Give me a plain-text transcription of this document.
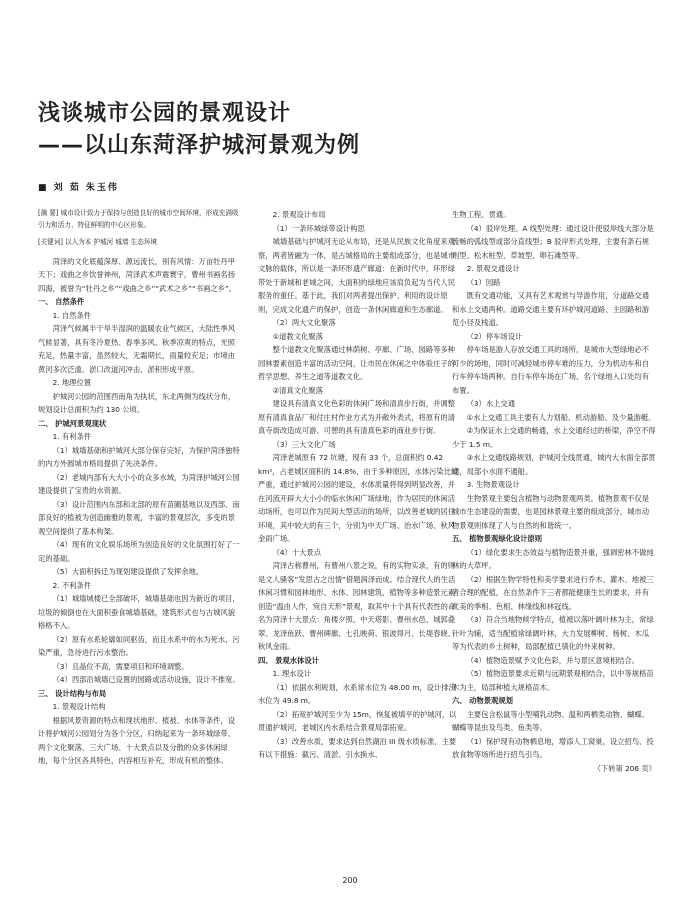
浅谈城市公园的景观设计
——以山东菏泽护城河景观为例
■ 刘 茹 朱玉伟

[摘 要] 城市设计致力于保持与创造良好的城市空间环境，形成充满吸引力和活力、特征鲜明的中心区形象。

[关键词] 以人为本 护城河 城墙 生态环境

菏泽的文化底蕴深厚、源远流长，别有风情：万亩牡丹甲天下；戏曲之乡饮誉神州，菏泽武术声震寰宇，曹州书画名扬四海，被誉为“牡丹之乡”“戏曲之乡”“武术之乡”“书画之乡”。

一、 自然条件

1. 自然条件

菏泽气候属半干旱半湿润的温暖农业气候区，大陆性季风气候显著，具有冬冷夏热、春季多风、秋季凉爽的特点，光照充足，热量丰富，虽然较大，无霜期长，雨量较充足；市境由黄河多次泛滥、淤口改道河冲击、淤积形成平原。

2. 地理位置

护城河公园的范围西南角为执状，东北两侧为线状分布，规划设计总面积为约 130 公顷。

二、 护城河景观现状

1. 有利条件

（1）城墙基础和护城河大部分保存完好，为保护菏泽独特的内方外圆城市格局提供了先决条件。

（2）老城内部有大大小小的众多水域，为菏泽护城河公园建设提供了宝贵的水资源。

（3）设计范围内东部和北部的原有苗圃基地以及西部、南部良好的植被为创造幽雅的景观，丰富的景观层次，多变的景观空间提供了基本构架。

（4）现有的文化娱乐场所为创造良好的文化氛围打好了一定的基础。

（5）大面积拆迁为现划建设提供了发挥余地。

2. 不利条件

（1）城墙城楼已全部破坏，城墙基础也因为新近的项目，垃圾的倾倒也在大面积蚕食城墙基础，建筑形式也与古城风貌格格不入。

（2）原有水系轮廓如同驱齿，而且水系中的水为死水，污染严重，急待进行污水整治。

（3）且晶位不高，需要项目和环境调整。

（4）西部沿城墙已设置的园路或活动设施，设计不推宽。

三、 设计结构与布局

1. 景观设计结构

根据风景资源的特点和现状地形、植被、水体等条件，设计将护城河公园划分为各个分区，归纳起来为一条环城绿带、两个文化聚落、三大广场、十大景点以及分散的众多休闲绿地，每个分区各具特色，内容相互补充，形成有机的整体。

2. 景观设计布局

（1）一条环城绿带设计构思

城墙基础与护城河无论从布局，还是从民族文化角度来观察，两者皆融为一体，是古城格局的主要组成部分，也是城市文脉的载体，所以是一条环形遗产廊道：在新时代中，环形绿带处于新城和老城之间，大面积的绿地应该肩负起为当代人民服务的重任。基于此，我们对两者提出保护、利用的设计原则，完成文化遗产的保护，创造一条休闲廊道和生态廊道。

（2）两大文化聚落

①道教文化聚落

整个道教文化聚落通过林荫树、亭廊、广场、园路等多种园林要素创造丰富的活动空间，让市民在休闲之中体验庄子的哲学思想、养生之道等道教文化。

②清真文化聚落

建设具有清真文化色彩的休闲广场和清真步行街，并调整原有清真食品厂和付庄村作业方式为开敞外表式，将原有的清真寺街改造成可游、可憩的具有清真色彩的商业步行街。

（3）三大文化广场

菏泽老城原有 72 坑塘，现有 33 个，总面积约 0.42 km²，占老城区面积的 14.8%，由于多种原因，水体污染比较严重，通过护城河公园的建设，水体质量将得到明显改善，并在河流开辟大大小小的临水休闲广场绿地，作为居民的休闲活动场所，也可以作为民间大型活动的场所，以改善老城的居住环境，其中较大的有三个，分别为中天广场、治水广场、秋风金雨广场。

（4）十大景点

菏泽古称曹州，有曹州八景之说，有的实物实录，有的则是文人骚客“发思古之出情”借题润泽而成。结合现代人的生活休闲习惯和园林地形、水体、园林建筑、植物等多种造景元素创造“温由人作，宛自天形”景观，取其中十个具有代表性的命名为菏泽十大景点：角楼夕照、中天塔影、曹州水邑、城郭叠翠、龙泽鱼跃、曹州碑廊、七孔映荷、银波得月、长堤春晓、秋风金雨。

四、 景观水体设计

1. 理水设计

（1）依据水利规划，水系常水位为 48.00 m，设计排涝水位为 49.8 m。

（2）拓宽护城河至少为 15m，恢复被填平的护城河，以贯通护城河，老城区内水系结合景观局部拓宽。

（3）改善水质，要求达到自然湖泊 III 级水质标准，主要有以下措施：截污、清淤、引水换水、

生物工程、贯通。

（4）驳岸处理。A 线型处理：通过设计使驳岸线大部分是流畅的弧线型或部分直线型；B 驳岸形式处理，主要有条石规则型、松木桩型、草坡型、卵石滩型等。

2. 景观交通设计

（1）园路

既有交通功能，又具有艺术观赏与导游作用，分道路交通和水上交通两种。道路交通主要有环护城河道路、主园路和游览小径及栈道。

（2）停车场设计

停车场是游人存放交通工具的场所，是城市大型绿地必不可少的场地，同时可减轻城市停车难的压力，分为机动车和自行车停车场两种。自行车停车场在广场、名个绿地入口处均有布置。

（3）水上交通

①水上交通工具主要有人力划船、机动游船、及少量游艇。

②为保证水上交通的畅通，水上交通经过的桥梁，净空不得少于 1.5 m。

③水上交通线路规划，护城河全线贯通，城内大水面全部贯通，局部小水面不通船。

3. 生物景观设计

生物景观主要包含植物与动物景观两类。植物景观不仅是城市生态建设的需要，也是园林景观主要的组成部分，城市动物景观则体现了人与自然的和谐统一。

五、 植物景观绿化设计原则

（1）绿化要求生态效益与植物造景并重，强调密林不做纯林的大草坪。

（2）根据生物学特性和美学要求进行乔木、灌木、地被三者合理的配植，在自然条件下三者都能健康生长的要求，并有优美的季相、色相、林缘线和林冠线。

（3）符合当地物候学特点，植被以落叶阔叶林为主，常绿针叶为辅，适当配植常绿阔叶林，大力发展柳树、杨树、木瓜等为代表的乡土树种，局部配植已驯化的外来树种。

（4）植物造景赋予文化色彩，并与景区意境相结合。

（5）植物造景要求近期与远期景观相结合，以中等规格苗木为主，局部种植大规格苗木。

六、 动物景观规划

主要包含松鼠等小型哺乳动物、温和两栖类动物、蝴蝶、蝴蝶等昆虫及鸟类、鱼类等。

（1）保护现有动物栖息地，增添人工窝巢，设立招鸟、投放食物等场所进行招鸟引鸟。

（下转第 206 页）

200
